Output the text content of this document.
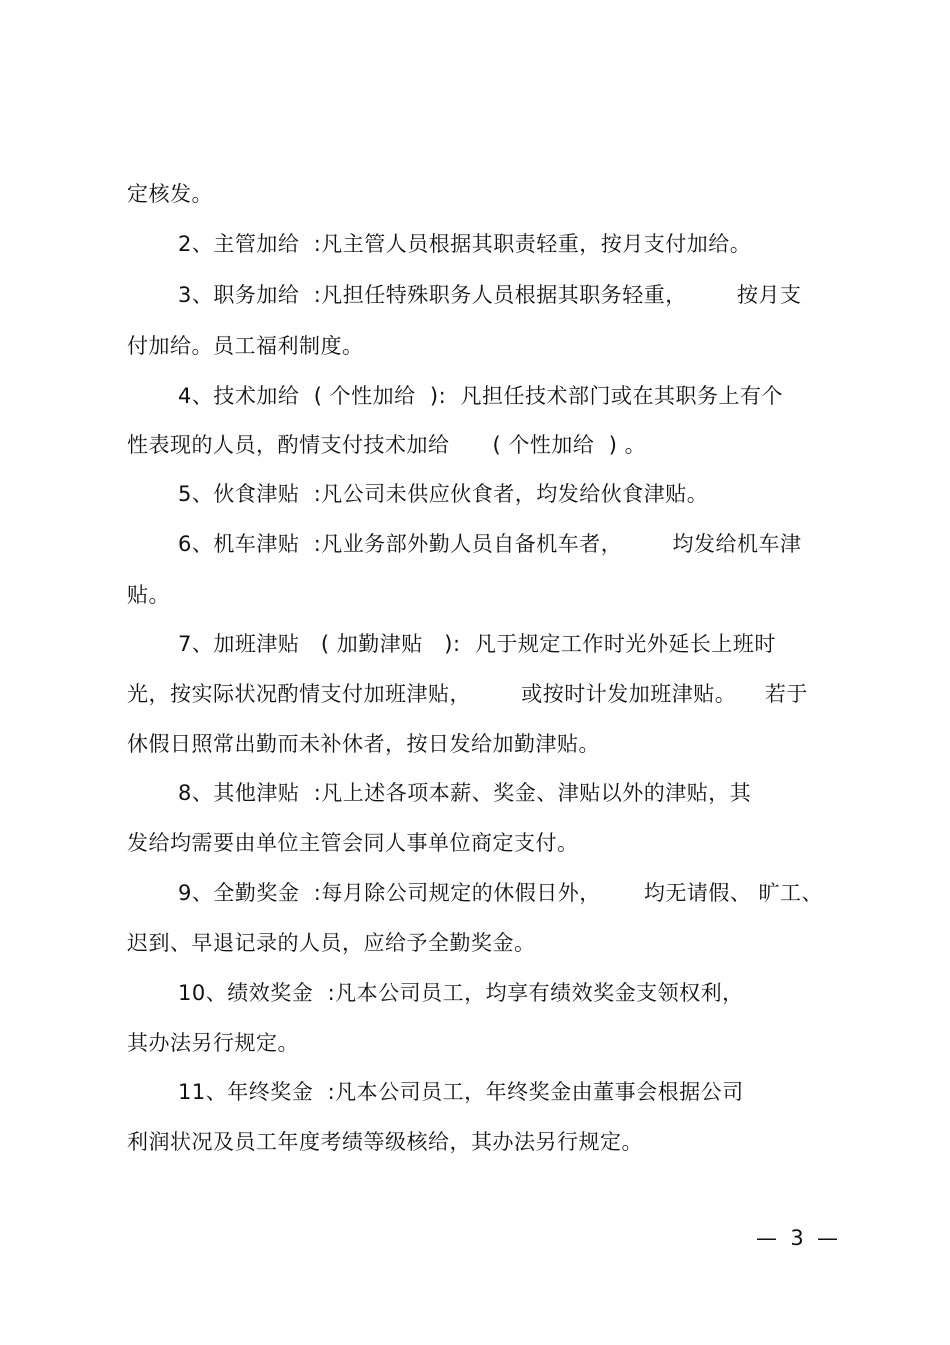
定核发。
2、主管加给  :凡主管人员根据其职责轻重，按月支付加给。
3、职务加给  :凡担任特殊职务人员根据其职务轻重，       按月支
付加给。员工福利制度。
4、技术加给  ( 个性加给  ):  凡担任技术部门或在其职务上有个
性表现的人员，酌情支付技术加给      ( 个性加给  ) 。
5、伙食津贴  :凡公司未供应伙食者，均发给伙食津贴。
6、机车津贴  :凡业务部外勤人员自备机车者，       均发给机车津
贴。
7、加班津贴   ( 加勤津贴   ):  凡于规定工作时光外延长上班时
光，按实际状况酌情支付加班津贴，       或按时计发加班津贴。    若于
休假日照常出勤而未补休者，按日发给加勤津贴。
8、其他津贴  :凡上述各项本薪、奖金、津贴以外的津贴，其
发给均需要由单位主管会同人事单位商定支付。
9、全勤奖金  :每月除公司规定的休假日外，      均无请假、 旷工、
迟到、早退记录的人员，应给予全勤奖金。
10、绩效奖金  :凡本公司员工，均享有绩效奖金支领权利，
其办法另行规定。
11、年终奖金  :凡本公司员工，年终奖金由董事会根据公司
利润状况及员工年度考绩等级核给，其办法另行规定。
—  3  —
